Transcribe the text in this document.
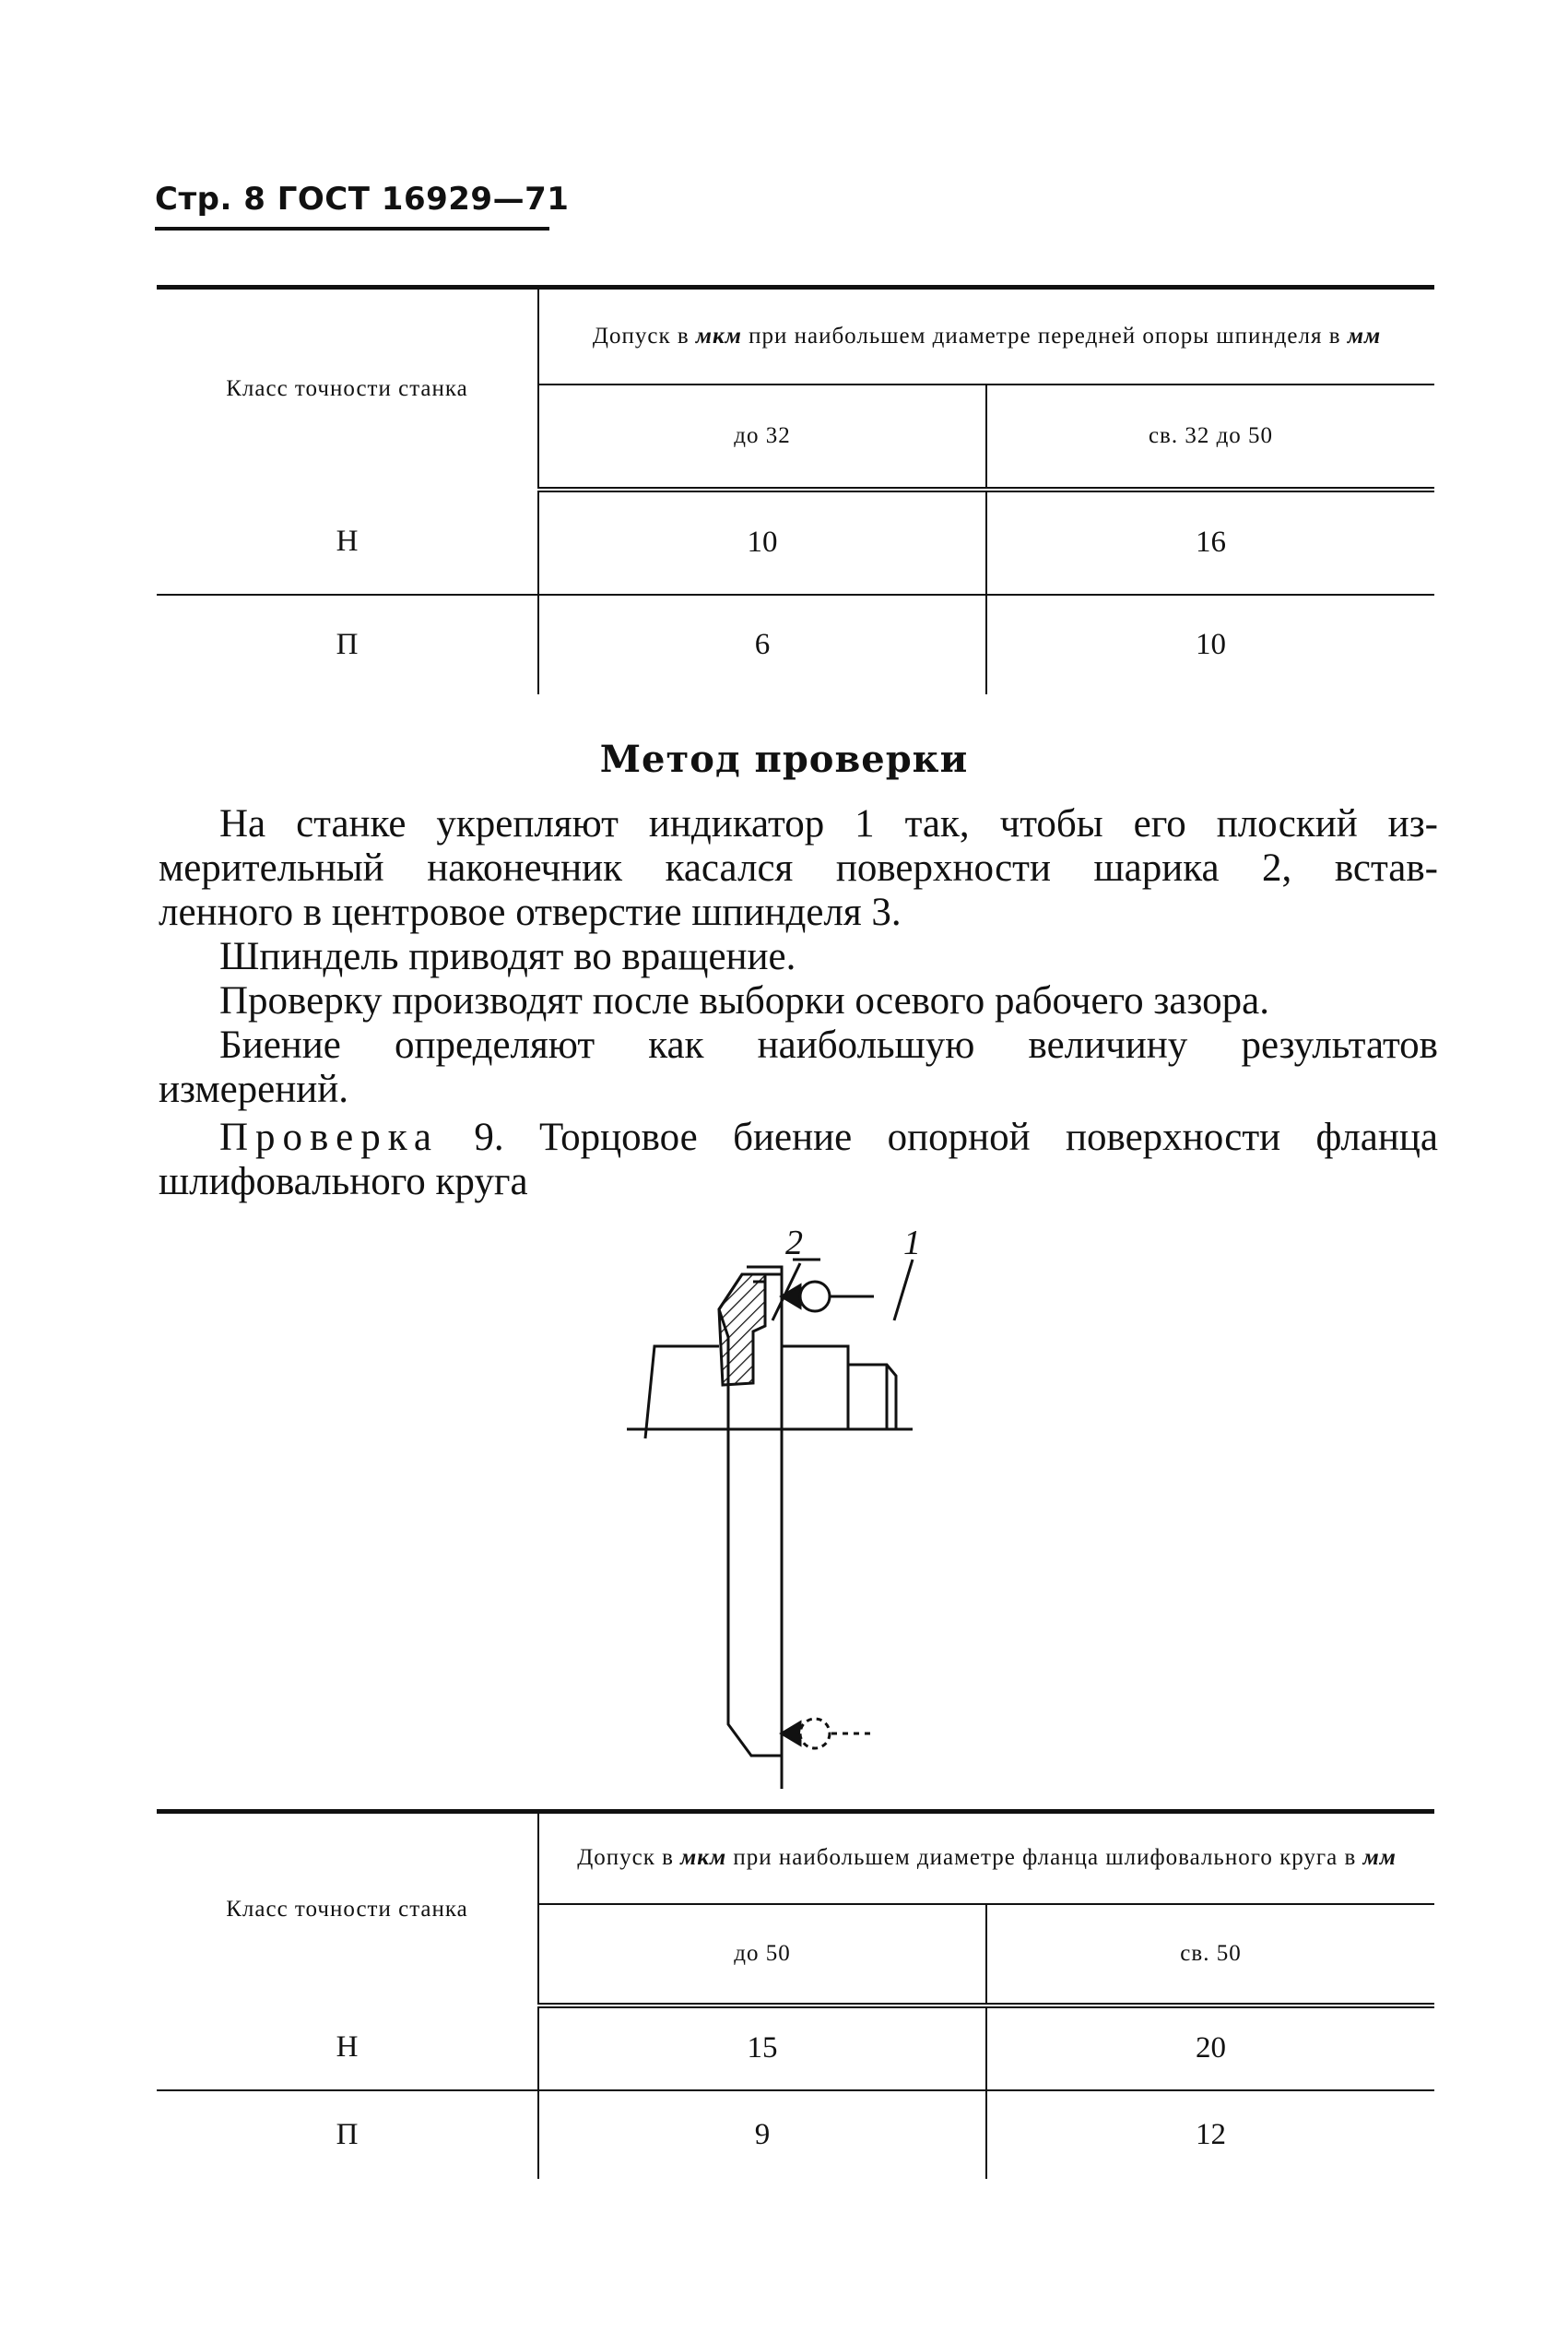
Стр. 8 ГОСТ 16929—71
Класс точности станка	Допуск в мкм при наибольшем диаметре передней опоры шпинделя в мм	
	до 32	св. 32 до 50
Н	10	16
П	6	10
Метод проверки

На станке укрепляют индикатор 1 так, чтобы его плоский из-

мерительный наконечник касался поверхности шарика 2, встав-

ленного в центровое отверстие шпинделя 3.

Шпиндель приводят во вращение.

Проверку производят после выборки осевого рабочего зазора.

Биение определяют как наибольшую величину результатов

измерений.

Проверка 9. Торцовое биение опорной поверхности фланца

шлифовального круга

2	1
Класс точности станка	Допуск в мкм при наибольшем диаметре фланца шлифовального круга в мм	
	до 50	св. 50
Н	15	20
П	9	12
